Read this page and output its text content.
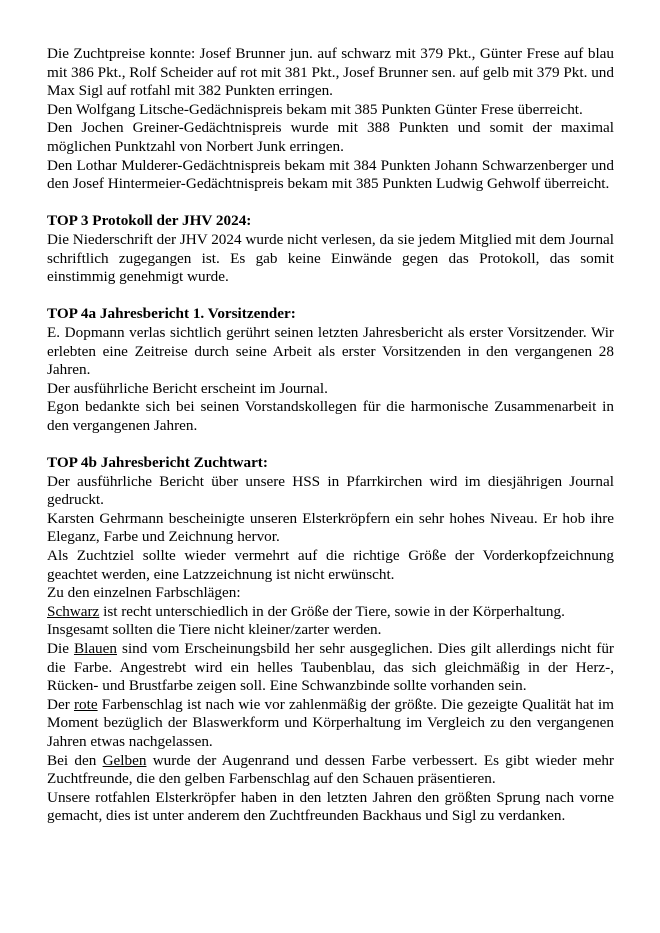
Die Zuchtpreise konnte: Josef Brunner jun. auf schwarz mit 379 Pkt., Günter Frese auf blau mit 386 Pkt., Rolf Scheider auf rot mit 381 Pkt., Josef Brunner sen. auf gelb mit 379 Pkt. und Max Sigl auf rotfahl mit 382 Punkten erringen.

Den Wolfgang Litsche-Gedächnispreis bekam mit 385 Punkten Günter Frese überreicht.

Den Jochen Greiner-Gedächtnispreis wurde mit 388 Punkten und somit der maximal möglichen Punktzahl von Norbert Junk erringen.

Den Lothar Mulderer-Gedächtnispreis bekam mit 384 Punkten Johann Schwarzenberger und den Josef Hintermeier-Gedächtnispreis bekam mit 385 Punkten Ludwig Gehwolf überreicht.

TOP 3 Protokoll der JHV 2024:

Die Niederschrift der JHV 2024 wurde nicht verlesen, da sie jedem Mitglied mit dem Journal schriftlich zugegangen ist. Es gab keine Einwände gegen das Protokoll, das somit einstimmig genehmigt wurde.

TOP 4a Jahresbericht 1. Vorsitzender:

E. Dopmann verlas sichtlich gerührt seinen letzten Jahresbericht als erster Vorsitzender. Wir erlebten eine Zeitreise durch seine Arbeit als erster Vorsitzenden in den vergangenen 28 Jahren.

Der ausführliche Bericht erscheint im Journal.

Egon bedankte sich bei seinen Vorstandskollegen für die harmonische Zusammenarbeit in den vergangenen Jahren.

TOP 4b Jahresbericht Zuchtwart:

Der ausführliche Bericht über unsere HSS in Pfarrkirchen wird im diesjährigen Journal gedruckt.

Karsten Gehrmann bescheinigte unseren Elsterkröpfern ein sehr hohes Niveau. Er hob ihre Eleganz, Farbe und Zeichnung hervor.

Als Zuchtziel sollte wieder vermehrt auf die richtige Größe der Vorderkopfzeichnung geachtet werden, eine Latzzeichnung ist nicht erwünscht.

Zu den einzelnen Farbschlägen:

Schwarz ist recht unterschiedlich in der Größe der Tiere, sowie in der Körperhaltung.

Insgesamt sollten die Tiere nicht kleiner/zarter werden.

Die Blauen sind vom Erscheinungsbild her sehr ausgeglichen. Dies gilt allerdings nicht für die Farbe. Angestrebt wird ein helles Taubenblau, das sich gleichmäßig in der Herz-, Rücken- und Brustfarbe zeigen soll. Eine Schwanzbinde sollte vorhanden sein.

Der rote Farbenschlag ist nach wie vor zahlenmäßig der größte. Die gezeigte Qualität hat im Moment bezüglich der Blaswerkform und Körperhaltung im Vergleich zu den vergangenen Jahren etwas nachgelassen.

Bei den Gelben wurde der Augenrand und dessen Farbe verbessert. Es gibt wieder mehr Zuchtfreunde, die den gelben Farbenschlag auf den Schauen präsentieren.

Unsere rotfahlen Elsterkröpfer haben in den letzten Jahren den größten Sprung nach vorne gemacht, dies ist unter anderem den Zuchtfreunden Backhaus und Sigl zu verdanken.
